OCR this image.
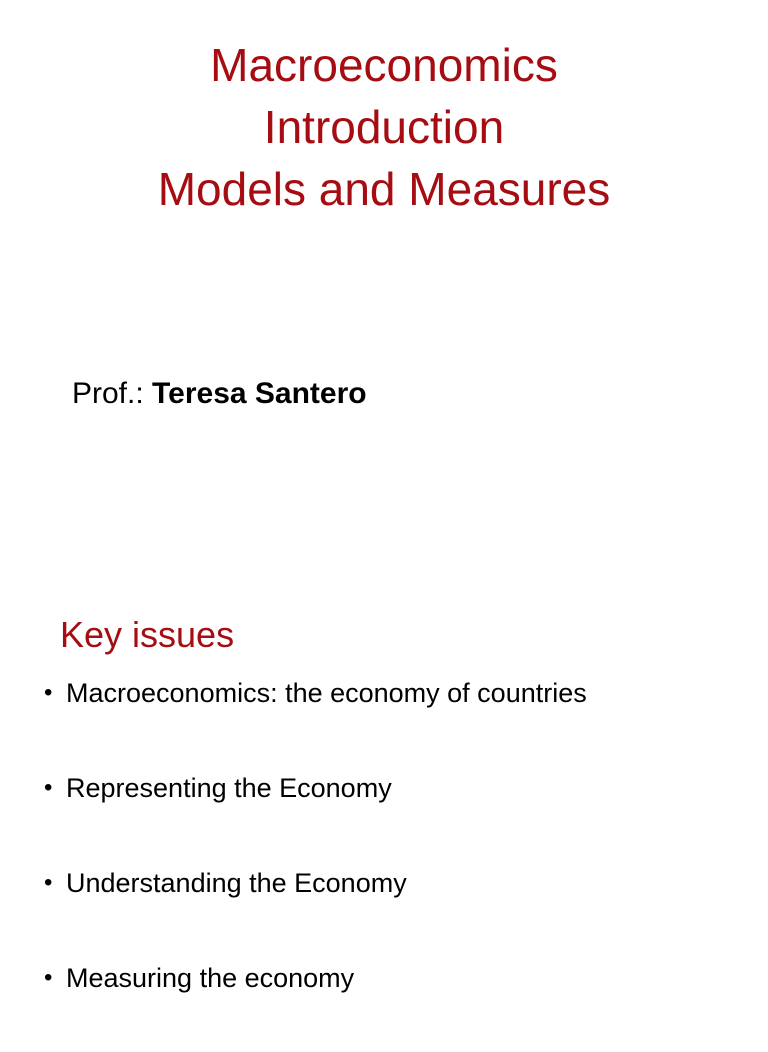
Macroeconomics
Introduction
Models and Measures
Prof.: Teresa Santero
Key issues
• Macroeconomics: the economy of countries
• Representing the Economy
• Understanding the Economy
• Measuring the economy
